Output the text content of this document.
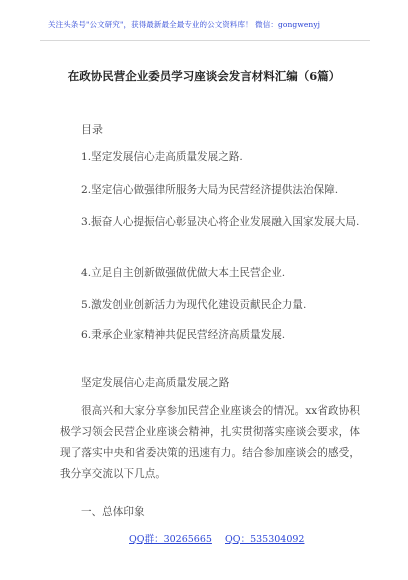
关注头条号"公文研究"，获得最新最全最专业的公文资料库！ 微信：gongwenyj
在政协民营企业委员学习座谈会发言材料汇编（6篇）
目录
1.坚定发展信心走高质量发展之路.
2.坚定信心做强律所服务大局为民营经济提供法治保障.
3.振奋人心提振信心彰显决心将企业发展融入国家发展大局.
4.立足自主创新做强做优做大本土民营企业.
5.激发创业创新活力为现代化建设贡献民企力量.
6.秉承企业家精神共促民营经济高质量发展.
坚定发展信心走高质量发展之路
很高兴和大家分享参加民营企业座谈会的情况。xx省政协积极学习领会民营企业座谈会精神，扎实贯彻落实座谈会要求，体现了落实中央和省委决策的迅速有力。结合参加座谈会的感受，我分享交流以下几点。
一、总体印象
QQ群：30265665 QQ：535304092
